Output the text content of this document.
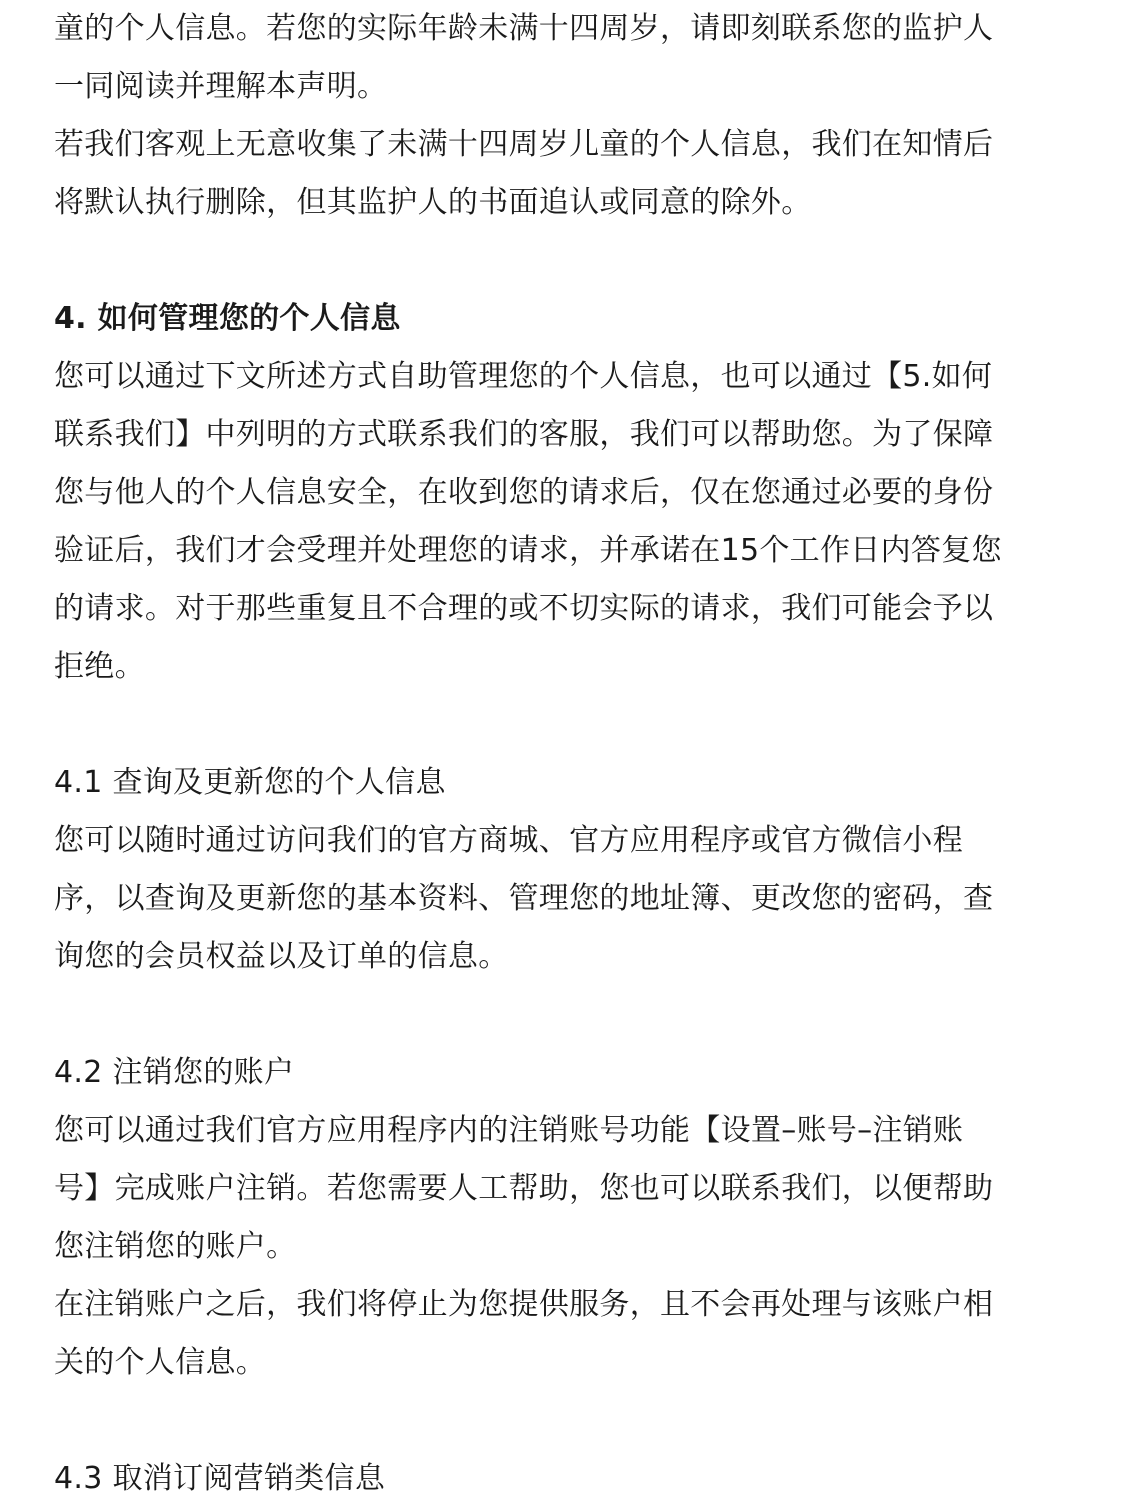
童的个人信息。若您的实际年龄未满十四周岁，请即刻联系您的监护人
一同阅读并理解本声明。
若我们客观上无意收集了未满十四周岁儿童的个人信息，我们在知情后
将默认执行删除，但其监护人的书面追认或同意的除外。
4. 如何管理您的个人信息
您可以通过下文所述方式自助管理您的个人信息，也可以通过【5.如何
联系我们】中列明的方式联系我们的客服，我们可以帮助您。为了保障
您与他人的个人信息安全，在收到您的请求后，仅在您通过必要的身份
验证后，我们才会受理并处理您的请求，并承诺在15个工作日内答复您
的请求。对于那些重复且不合理的或不切实际的请求，我们可能会予以
拒绝。
4.1 查询及更新您的个人信息
您可以随时通过访问我们的官方商城、官方应用程序或官方微信小程
序，以查询及更新您的基本资料、管理您的地址簿、更改您的密码，查
询您的会员权益以及订单的信息。
4.2 注销您的账户
您可以通过我们官方应用程序内的注销账号功能【设置–账号–注销账
号】完成账户注销。若您需要人工帮助，您也可以联系我们，以便帮助
您注销您的账户。
在注销账户之后，我们将停止为您提供服务，且不会再处理与该账户相
关的个人信息。
4.3 取消订阅营销类信息
